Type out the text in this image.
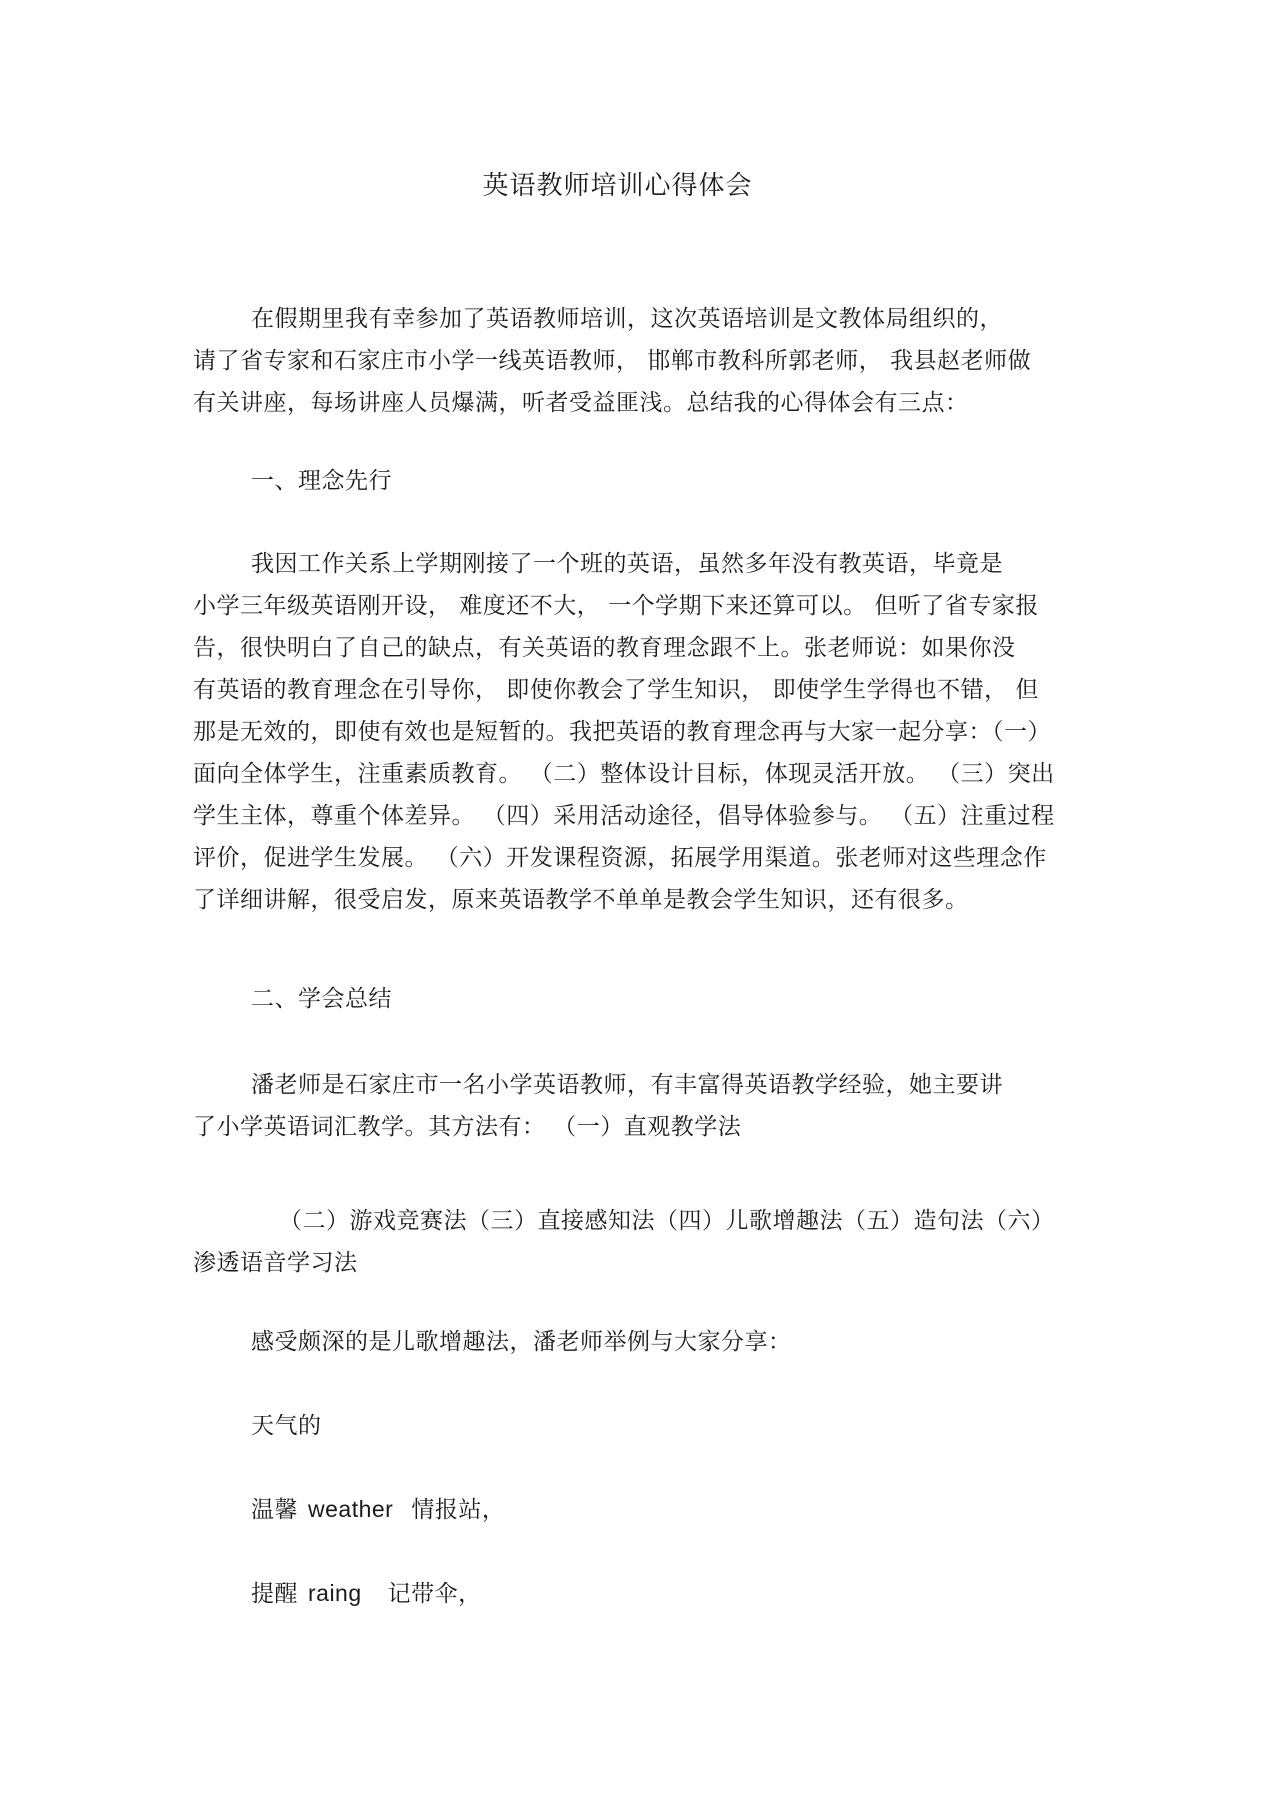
英语教师培训心得体会
在假期里我有幸参加了英语教师培训，这次英语培训是文教体局组织的，
请了省专家和石家庄市小学一线英语教师， 邯郸市教科所郭老师， 我县赵老师做
有关讲座，每场讲座人员爆满，听者受益匪浅。总结我的心得体会有三点：
一、理念先行
我因工作关系上学期刚接了一个班的英语，虽然多年没有教英语，毕竟是
小学三年级英语刚开设， 难度还不大， 一个学期下来还算可以。 但听了省专家报
告，很快明白了自己的缺点，有关英语的教育理念跟不上。张老师说：如果你没
有英语的教育理念在引导你， 即使你教会了学生知识， 即使学生学得也不错， 但
那是无效的，即使有效也是短暂的。我把英语的教育理念再与大家一起分享：（一）
面向全体学生，注重素质教育。 （二）整体设计目标，体现灵活开放。 （三）突出
学生主体，尊重个体差异。 （四）采用活动途径，倡导体验参与。 （五）注重过程
评价，促进学生发展。 （六）开发课程资源，拓展学用渠道。张老师对这些理念作
了详细讲解，很受启发，原来英语教学不单单是教会学生知识，还有很多。
二、学会总结
潘老师是石家庄市一名小学英语教师，有丰富得英语教学经验，她主要讲
了小学英语词汇教学。其方法有： （一）直观教学法
（二）游戏竞赛法（三）直接感知法（四）儿歌增趣法（五）造句法（六）
渗透语音学习法
感受颇深的是儿歌增趣法，潘老师举例与大家分享：
天气的
温馨 weather 情报站，
提醒 raing 记带伞，
